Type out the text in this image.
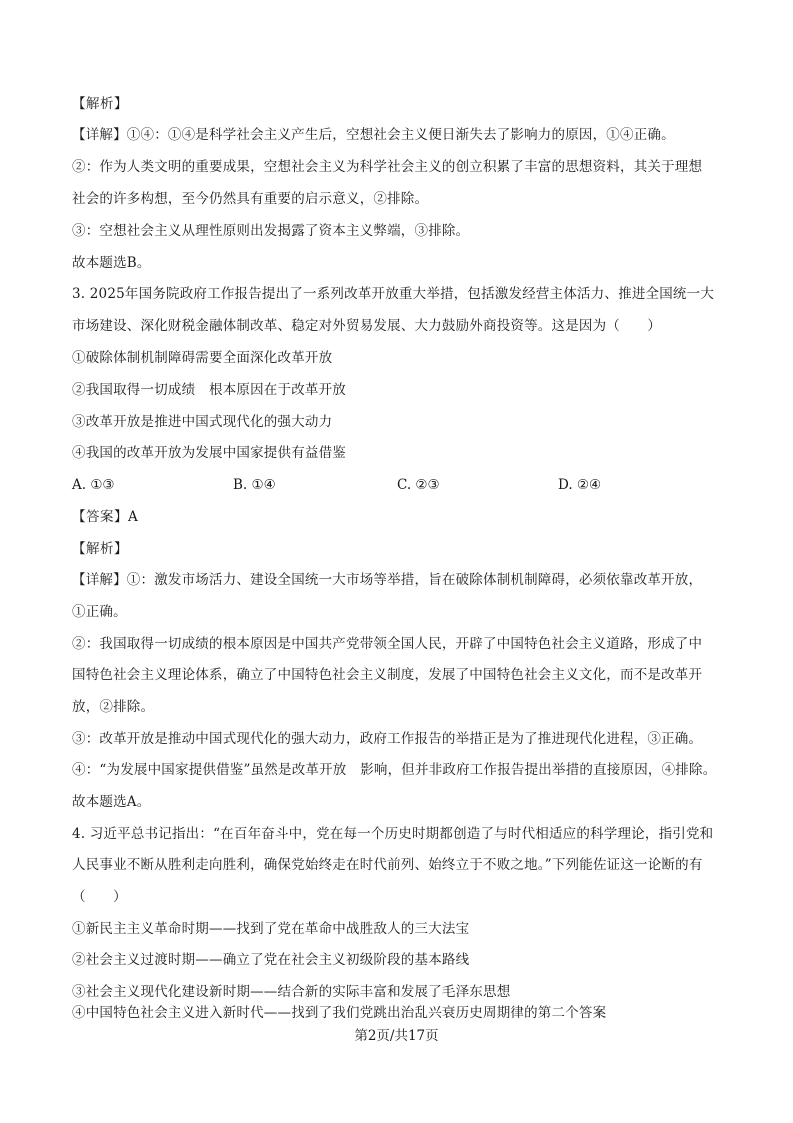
【解析】
【详解】①④：①④是科学社会主义产生后，空想社会主义便日渐失去了影响力的原因，①④正确。
②：作为人类文明的重要成果，空想社会主义为科学社会主义的创立积累了丰富的思想资料，其关于理想
社会的许多构想，至今仍然具有重要的启示意义，②排除。
③：空想社会主义从理性原则出发揭露了资本主义弊端，③排除。
故本题选B。
3. 2025年国务院政府工作报告提出了一系列改革开放重大举措，包括激发经营主体活力、推进全国统一大
市场建设、深化财税金融体制改革、稳定对外贸易发展、大力鼓励外商投资等。这是因为（　　）
①破除体制机制障碍需要全面深化改革开放
②我国取得一切成绩　根本原因在于改革开放
③改革开放是推进中国式现代化的强大动力
④我国的改革开放为发展中国家提供有益借鉴
A. ①③	B. ①④	C. ②③	D. ②④
【答案】A
【解析】
【详解】①：激发市场活力、建设全国统一大市场等举措，旨在破除体制机制障碍，必须依靠改革开放，
①正确。
②：我国取得一切成绩的根本原因是中国共产党带领全国人民，开辟了中国特色社会主义道路，形成了中
国特色社会主义理论体系，确立了中国特色社会主义制度，发展了中国特色社会主义文化，而不是改革开
放，②排除。
③：改革开放是推动中国式现代化的强大动力，政府工作报告的举措正是为了推进现代化进程，③正确。
④：“为发展中国家提供借鉴”虽然是改革开放　影响，但并非政府工作报告提出举措的直接原因，④排除。
故本题选A。
4. 习近平总书记指出：“在百年奋斗中，党在每一个历史时期都创造了与时代相适应的科学理论，指引党和
人民事业不断从胜利走向胜利，确保党始终走在时代前列、始终立于不败之地。”下列能佐证这一论断的有
（　　）
①新民主主义革命时期——找到了党在革命中战胜敌人的三大法宝
②社会主义过渡时期——确立了党在社会主义初级阶段的基本路线
③社会主义现代化建设新时期——结合新的实际丰富和发展了毛泽东思想
④中国特色社会主义进入新时代——找到了我们党跳出治乱兴衰历史周期律的第二个答案
第2页/共17页
